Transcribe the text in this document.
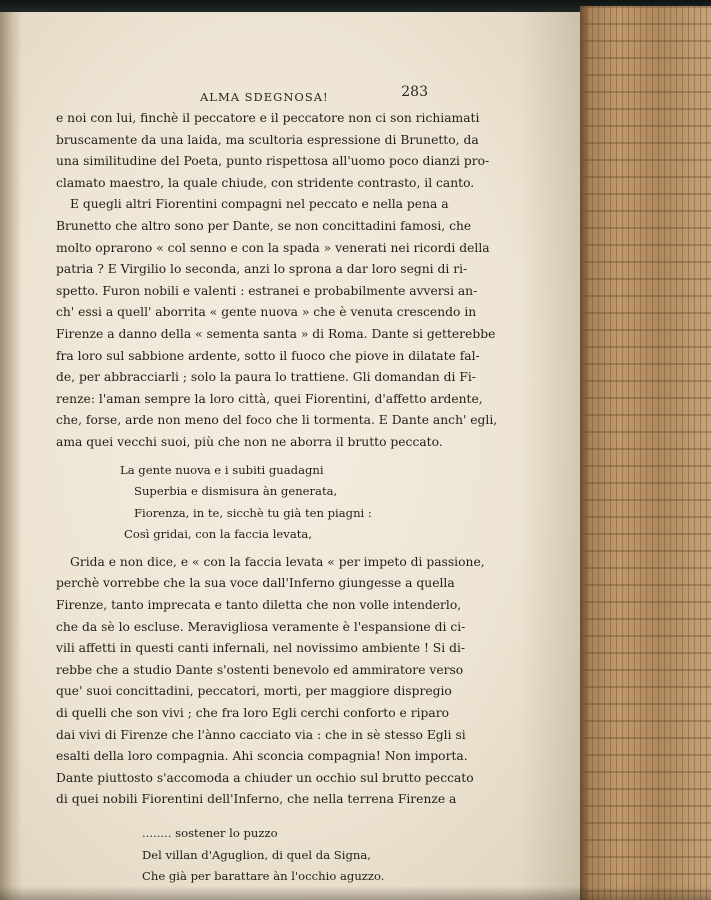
ALMA SDEGNOSA!	283
e noi con lui, finchè il peccatore e il peccatore non ci son richiamati
bruscamente da una laida, ma scultoria espressione di Brunetto, da
una similitudine del Poeta, punto rispettosa all'uomo poco dianzi pro-
clamato maestro, la quale chiude, con stridente contrasto, il canto.
E quegli altri Fiorentini compagni nel peccato e nella pena a
Brunetto che altro sono per Dante, se non concittadini famosi, che
molto oprarono « col senno e con la spada » venerati nei ricordi della
patria ? E Virgilio lo seconda, anzi lo sprona a dar loro segni di ri-
spetto. Furon nobili e valenti : estranei e probabilmente avversi an-
ch' essi a quell' aborrita « gente nuova » che è venuta crescendo in
Firenze a danno della « sementa santa » di Roma. Dante si getterebbe
fra loro sul sabbione ardente, sotto il fuoco che piove in dilatate fal-
de, per abbracciarli ; solo la paura lo trattiene. Gli domandan di Fi-
renze: l'aman sempre la loro città, quei Fiorentini, d'affetto ardente,
che, forse, arde non meno del foco che li tormenta. E Dante anch' egli,
ama quei vecchi suoi, più che non ne aborra il brutto peccato.
La gente nuova e i subiti guadagni
Superbia e dismisura àn generata,
Fiorenza, in te, sicchè tu già ten piagni :
Così gridai, con la faccia levata,
Grida e non dice, e « con la faccia levata « per impeto di passione,
perchè vorrebbe che la sua voce dall'Inferno giungesse a quella
Firenze, tanto imprecata e tanto diletta che non volle intenderlo,
che da sè lo escluse. Meravigliosa veramente è l'espansione di ci-
vili affetti in questi canti infernali, nel novissimo ambiente ! Si di-
rebbe che a studio Dante s'ostenti benevolo ed ammiratore verso
que' suoi concittadini, peccatori, morti, per maggiore dispregio
di quelli che son vivi ; che fra loro Egli cerchi conforto e riparo
dai vivi di Firenze che l'ànno cacciato via : che in sè stesso Egli si
esalti della loro compagnia. Ahi sconcia compagnia! Non importa.
Dante piuttosto s'accomoda a chiuder un occhio sul brutto peccato
di quei nobili Fiorentini dell'Inferno, che nella terrena Firenze a
........ sostener lo puzzo
Del villan d'Aguglion, di quel da Signa,
Che già per barattare àn l'occhio aguzzo.
